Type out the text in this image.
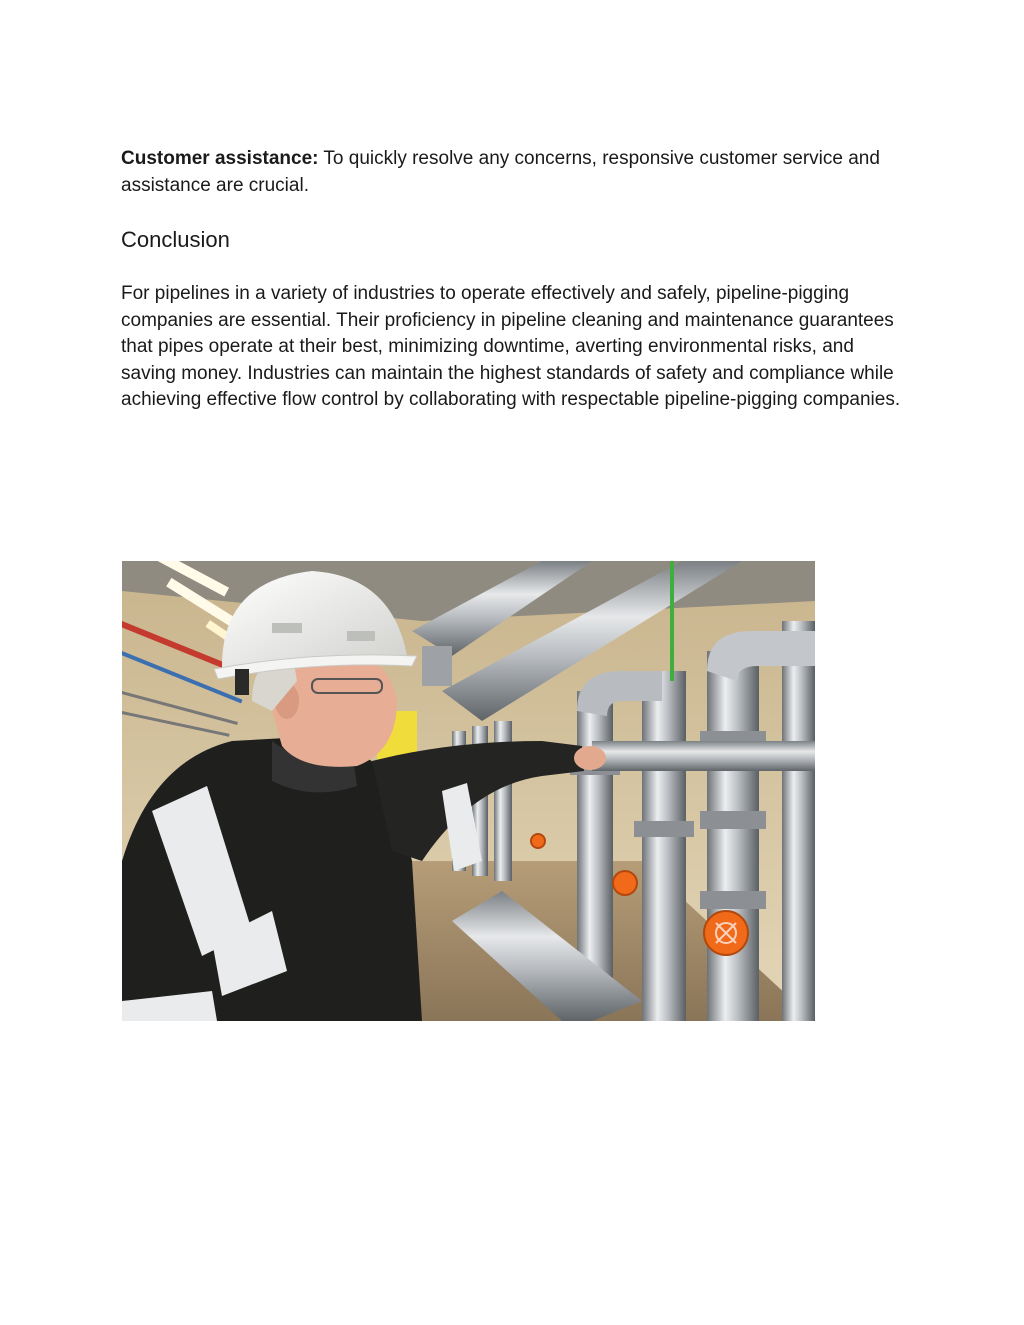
Customer assistance: To quickly resolve any concerns, responsive customer service and assistance are crucial.

Conclusion

For pipelines in a variety of industries to operate effectively and safely, pipeline-pigging companies are essential. Their proficiency in pipeline cleaning and maintenance guarantees that pipes operate at their best, minimizing downtime, averting environmental risks, and saving money. Industries can maintain the highest standards of safety and compliance while achieving effective flow control by collaborating with respectable pipeline-pigging companies.
